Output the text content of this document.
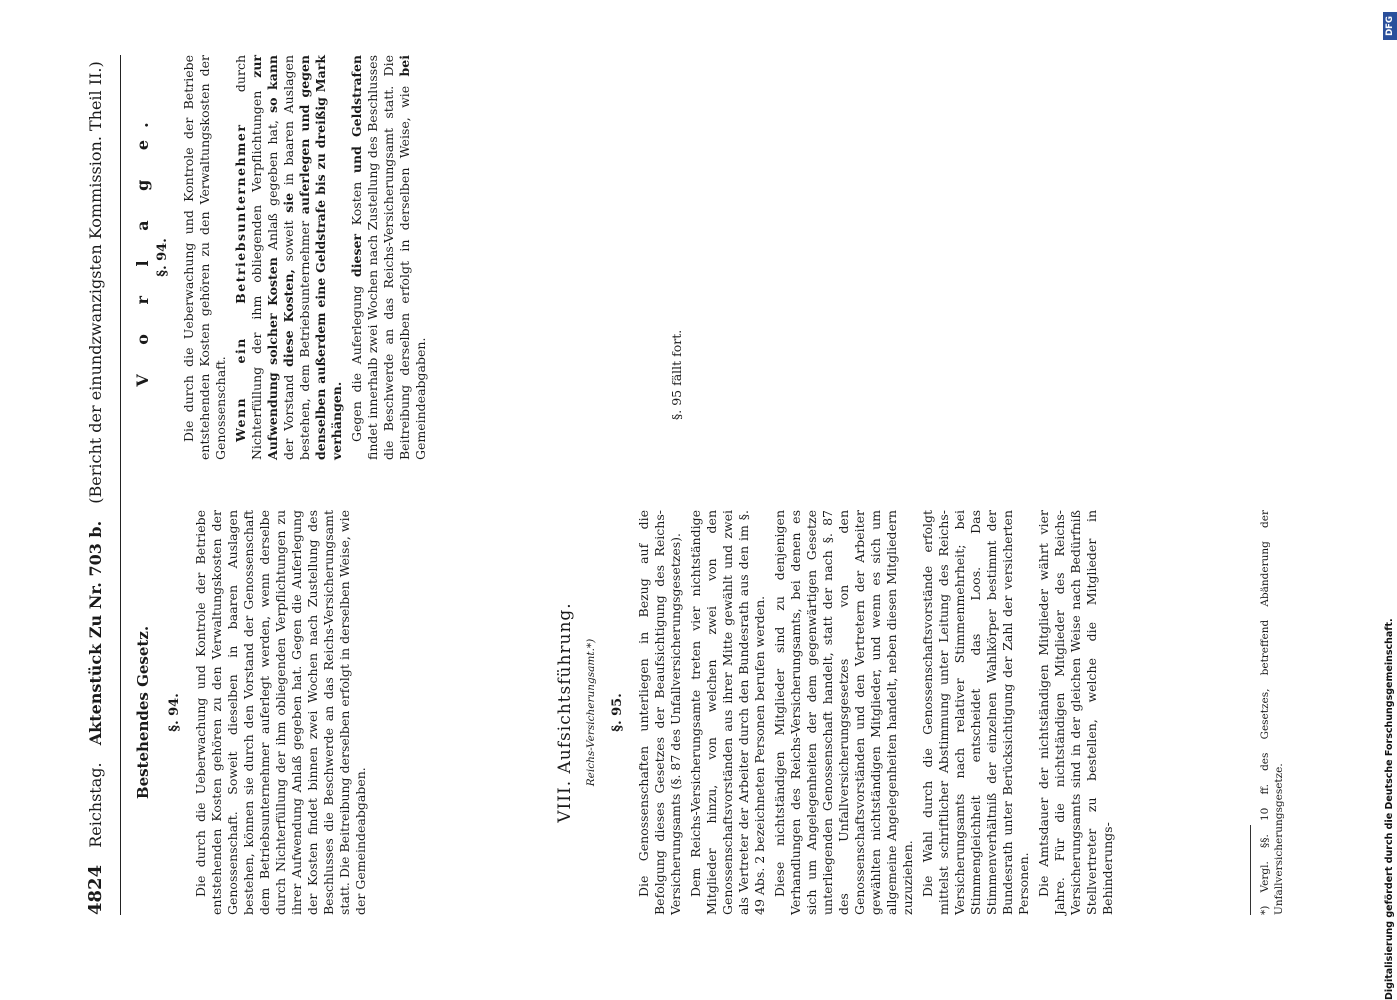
4824 Reichstag. Aktenstück Zu Nr. 703 b. (Bericht der einundzwanzigsten Kommission. Theil II.)

Bestehendes Gesetz. §. 94. Die durch die Ueberwachung und Kontrole der Betriebe entstehenden Kosten gehören zu den Verwaltungskosten der Genossenschaft. Soweit dieselben in baaren Auslagen bestehen, können sie durch den Vorstand der Genossenschaft dem Betriebsunternehmer auferlegt werden, wenn derselbe durch Nichterfüllung der ihm obliegenden Verpflichtungen zu ihrer Aufwendung Anlaß gegeben hat. Gegen die Auferlegung der Kosten findet binnen zwei Wochen nach Zustellung des Beschlusses die Beschwerde an das Reichs-Versicherungsamt statt. Die Beitreibung derselben erfolgt in derselben Weise, wie der Gemeindeabgaben.

V o r l a g e. §. 94. Die durch die Ueberwachung und Kontrole der Betriebe entstehenden Kosten gehören zu den Verwaltungskosten der Genossenschaft. Wenn ein Betriebsunternehmer durch Nichterfüllung der ihm obliegenden Verpflichtungen zur Aufwendung solcher Kosten Anlaß gegeben hat, so kann der Vorstand diese Kosten, soweit sie in baaren Auslagen bestehen, dem Betriebsunternehmer auferlegen und gegen denselben außerdem eine Geldstrafe bis zu dreißig Mark verhängen. Gegen die Auferlegung dieser Kosten und Geldstrafen findet innerhalb zwei Wochen nach Zustellung des Beschlusses die Beschwerde an das Reichs-Versicherungsamt statt. Die Beitreibung derselben erfolgt in derselben Weise, wie bei Gemeindeabgaben.	§. 95 fällt fort.

VIII. Aufsichtsführung. Reichs-Versicherungsamt.*) §. 95. Die Genossenschaften unterliegen in Bezug auf die Befolgung dieses Gesetzes der Beaufsichtigung des Reichs-Versicherungsamts (§. 87 des Unfallversicherungsgesetzes). Dem Reichs-Versicherungsamte treten vier nichtständige Mitglieder hinzu, von welchen zwei von den Genossenschaftsvorständen aus ihrer Mitte gewählt und zwei als Vertreter der Arbeiter durch den Bundesrath aus den im §. 49 Abs. 2 bezeichneten Personen berufen werden. Diese nichtständigen Mitglieder sind zu denjenigen Verhandlungen des Reichs-Versicherungsamts, bei denen es sich um Angelegenheiten der dem gegenwärtigen Gesetze unterliegenden Genossenschaft handelt, statt der nach §. 87 des Unfallversicherungsgesetzes von den Genossenschaftsvorständen und den Vertretern der Arbeiter gewählten nichtständigen Mitglieder, und wenn es sich um allgemeine Angelegenheiten handelt, neben diesen Mitgliedern zuzuziehen. Die Wahl durch die Genossenschaftsvorstände erfolgt mittelst schriftlicher Abstimmung unter Leitung des Reichs-Versicherungsamts nach relativer Stimmenmehrheit; bei Stimmengleichheit entscheidet das Loos. Das Stimmenverhältniß der einzelnen Wahlkörper bestimmt der Bundesrath unter Berücksichtigung der Zahl der versicherten Personen. Die Amtsdauer der nichtständigen Mitglieder währt vier Jahre. Für die nichtständigen Mitglieder des Reichs-Versicherungsamts sind in der gleichen Weise nach Bedürfniß Stellvertreter zu bestellen, welche die Mitglieder in Behinderungs-	*) Vergl. §§. 10 ff. des Gesetzes, betreffend Abänderung der Unfallversicherungsgesetze.
DFG
Digitalisierung gefördert durch die Deutsche Forschungsgemeinschaft.
